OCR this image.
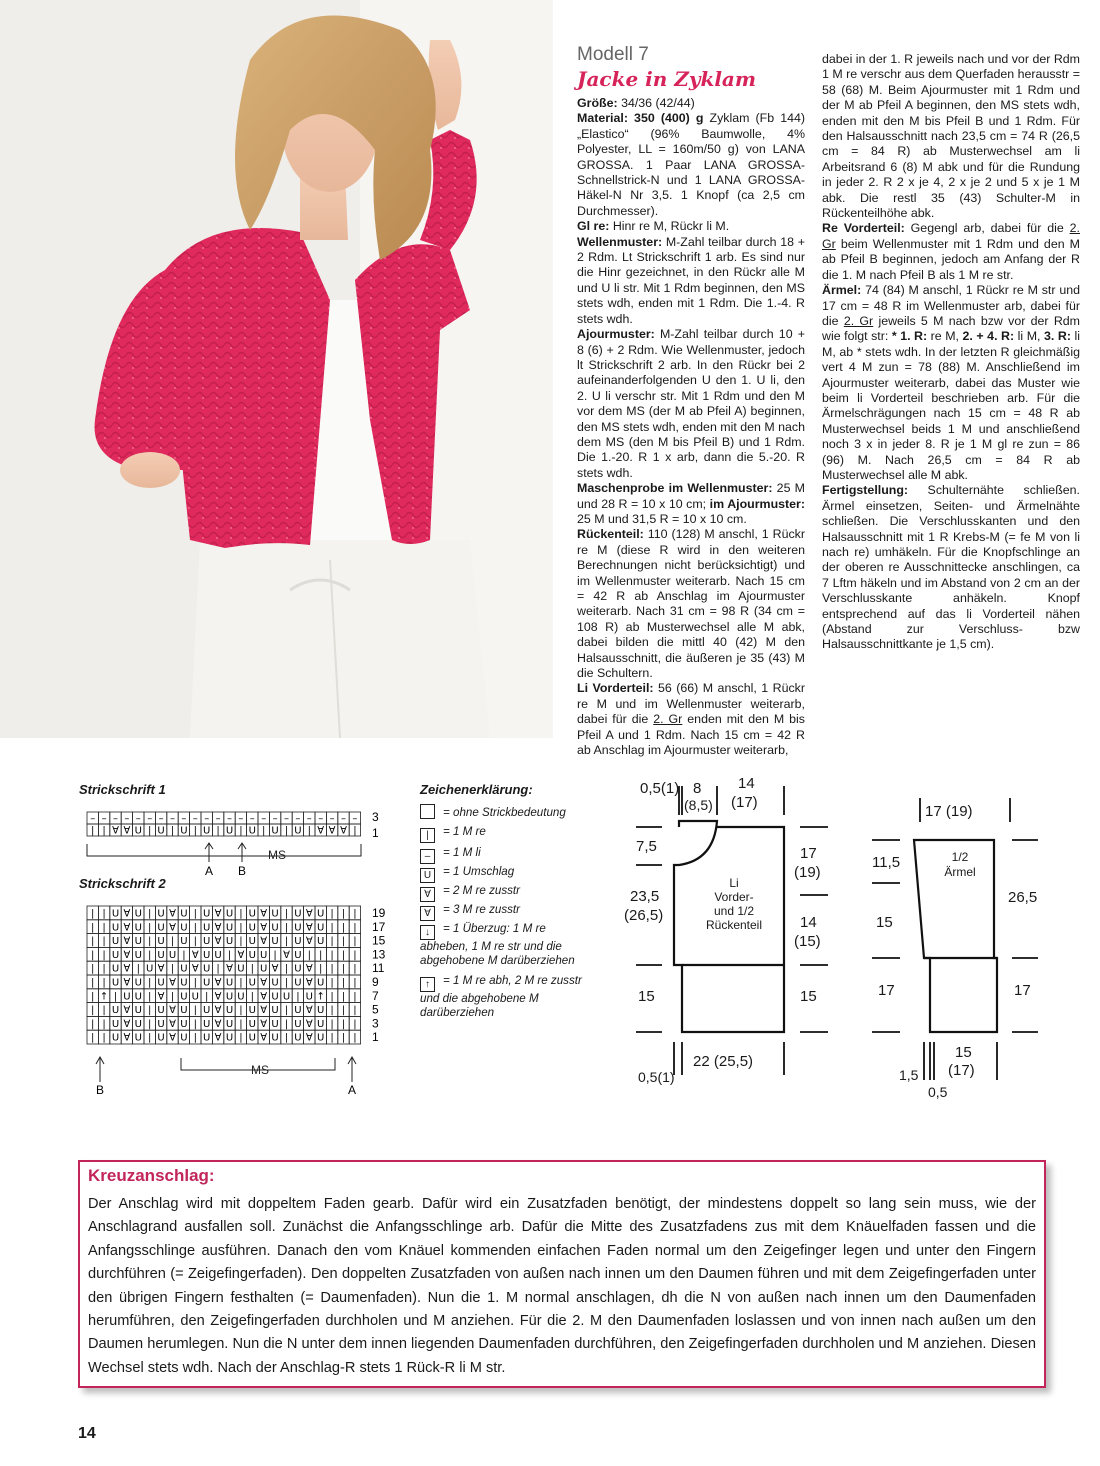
Modell 7

Jacke in Zyklam

Größe: 34/36 (42/44)

Material: 350 (400) g Zyklam (Fb 144) „Elastico“ (96% Baumwolle, 4% Polyester, LL = 160m/50 g) von LANA GROSSA. 1 Paar LANA GROSSA-Schnellstrick-N und 1 LANA GROSSA-Häkel-N Nr 3,5. 1 Knopf (ca 2,5 cm Durchmesser).

Gl re: Hinr re M, Rückr li M.

Wellenmuster: M-Zahl teilbar durch 18 + 2 Rdm. Lt Strickschrift 1 arb. Es sind nur die Hinr gezeichnet, in den Rückr alle M und U li str. Mit 1 Rdm beginnen, den MS stets wdh, enden mit 1 Rdm. Die 1.-4. R stets wdh.

Ajourmuster: M-Zahl teilbar durch 10 + 8 (6) + 2 Rdm. Wie Wellenmuster, jedoch lt Strickschrift 2 arb. In den Rückr bei 2 aufeinanderfolgenden U den 1. U li, den 2. U li verschr str. Mit 1 Rdm und den M vor dem MS (der M ab Pfeil A) beginnen, den MS stets wdh, enden mit den M nach dem MS (den M bis Pfeil B) und 1 Rdm. Die 1.-20. R 1 x arb, dann die 5.-20. R stets wdh.

Maschenprobe im Wellenmuster: 25 M und 28 R = 10 x 10 cm; im Ajourmuster: 25 M und 31,5 R = 10 x 10 cm.

Rückenteil: 110 (128) M anschl, 1 Rückr re M (diese R wird in den weiteren Berechnungen nicht berücksichtigt) und im Wellenmuster weiterarb. Nach 15 cm = 42 R ab Anschlag im Ajourmuster weiterarb. Nach 31 cm = 98 R (34 cm = 108 R) ab Musterwechsel alle M abk, dabei bilden die mittl 40 (42) M den Halsausschnitt, die äußeren je 35 (43) M die Schultern.

Li Vorderteil: 56 (66) M anschl, 1 Rückr re M und im Wellenmuster weiterarb, dabei für die 2. Gr enden mit den M bis Pfeil A und 1 Rdm. Nach 15 cm = 42 R ab Anschlag im Ajourmuster weiterarb,

dabei in der 1. R jeweils nach und vor der Rdm 1 M re verschr aus dem Querfaden herausstr = 58 (68) M. Beim Ajourmuster mit 1 Rdm und der M ab Pfeil A beginnen, den MS stets wdh, enden mit den M bis Pfeil B und 1 Rdm. Für den Halsausschnitt nach 23,5 cm = 74 R (26,5 cm = 84 R) ab Musterwechsel am li Arbeitsrand 6 (8) M abk und für die Rundung in jeder 2. R 2 x je 4, 2 x je 2 und 5 x je 1 M abk. Die restl 35 (43) Schulter-M in Rückenteilhöhe abk.

Re Vorderteil: Gegengl arb, dabei für die 2. Gr beim Wellenmuster mit 1 Rdm und den M ab Pfeil B beginnen, jedoch am Anfang der R die 1. M nach Pfeil B als 1 M re str.

Ärmel: 74 (84) M anschl, 1 Rückr re M str und 17 cm = 48 R im Wellenmuster arb, dabei für die 2. Gr jeweils 5 M nach bzw vor der Rdm wie folgt str: * 1. R: re M, 2. + 4. R: li M, 3. R: li M, ab * stets wdh. In der letzten R gleichmäßig vert 4 M zun = 78 (88) M. Anschließend im Ajourmuster weiterarb, dabei das Muster wie beim li Vorderteil beschrieben arb. Für die Ärmelschrägungen nach 15 cm = 48 R ab Musterwechsel beids 1 M und anschließend noch 3 x in jeder 8. R je 1 M gl re zun = 86 (96) M. Nach 26,5 cm = 84 R ab Musterwechsel alle M abk.

Fertigstellung: Schulternähte schließen. Ärmel einsetzen, Seiten- und Ärmelnähte schließen. Die Verschlusskanten und den Halsausschnitt mit 1 R Krebs-M (= fe M von li nach re) umhäkeln. Für die Knopfschlinge an der oberen re Ausschnittecke anschlingen, ca 7 Lftm häkeln und im Abstand von 2 cm an der Verschlusskante anhäkeln. Knopf entsprechend auf das li Vorderteil nähen (Abstand zur Verschluss- bzw Halsausschnittkante je 1,5 cm).

Strickschrift 1
Strickschrift 2
– – – – – – – – – – – – – – – – – – – – – – – –
| | ∀ ∀ U | U | U | U | U | U | U | U | ∀ ∀ ∀ |
| | U ∀ U | U ∀ U | U ∀ U | U ∀ U | U ∀ U | | |
| | U ∀ U | U ∀ U | U ∀ U | U ∀ U | U ∀ U | | |
| | U ∀ U | U | U | U ∀ U | U ∀ U | U ∀ U | | |
| | U ∀ U | U U | ∀ U U | ∀ U U | ∀ U | | | | |
| | U ∀ | U ∀ | U ∀ U | ∀ U | U ∀ | U ∀ | | | |
| | U ∀ U | U ∀ U | U ∀ U | U ∀ U | U ∀ U | | |
| ↑ | U U | ∀ | U U | ∀ U U | ∀ U U | U ↑ | | |
| | U ∀ U | U ∀ U | U ∀ U | U ∀ U | U ∀ U | | |
| | U ∀ U | U ∀ U | U ∀ U | U ∀ U | U ∀ U | | |
| | U ∀ U | U ∀ U | U ∀ U | U ∀ U | U ∀ U | | |
3
1
MS
A B
19
17
15
13
11
9
7
5
3
1
MS
B	A
Zeichenerklärung:
= ohne Strickbedeutung
| = 1 M re
– = 1 M li
U = 1 Umschlag
∀ = 2 M re zusstr
∀ = 3 M re zusstr
↓ = 1 Überzug: 1 M re abheben, 1 M re str und die abgehobene M darüberziehen
↑ = 1 M re abh, 2 M re zusstr und die abgehobene M darüberziehen
0,5(1) 8
(8,5)
14
(17)
7,5
23,5
(26,5)
15
17
(19)
14
(15)
15
22 (25,5)
0,5(1)
Li
Vorder-
und 1/2
Rückenteil
17 (19)
11,5
15
17
26,5
17
15
(17)
1,5
0,5
1/2
Ärmel
Kreuzanschlag:

Der Anschlag wird mit doppeltem Faden gearb. Dafür wird ein Zusatzfaden benötigt, der mindestens doppelt so lang sein muss, wie der Anschlagrand ausfallen soll. Zunächst die Anfangsschlinge arb. Dafür die Mitte des Zusatzfadens zus mit dem Knäuelfaden fassen und die Anfangsschlinge ausführen. Danach den vom Knäuel kommenden einfachen Faden normal um den Zeigefinger legen und unter den Fingern durchführen (= Zeigefingerfaden). Den doppelten Zusatzfaden von außen nach innen um den Daumen führen und mit dem Zeigefingerfaden unter den übrigen Fingern festhalten (= Daumenfaden). Nun die 1. M normal anschlagen, dh die N von außen nach innen um den Daumenfaden herumführen, den Zeigefingerfaden durchholen und M anziehen. Für die 2. M den Daumenfaden loslassen und von innen nach außen um den Daumen herumlegen. Nun die N unter dem innen liegenden Daumenfaden durchführen, den Zeigefingerfaden durchholen und M anziehen. Diesen Wechsel stets wdh. Nach der Anschlag-R stets 1 Rück-R li M str.

14
